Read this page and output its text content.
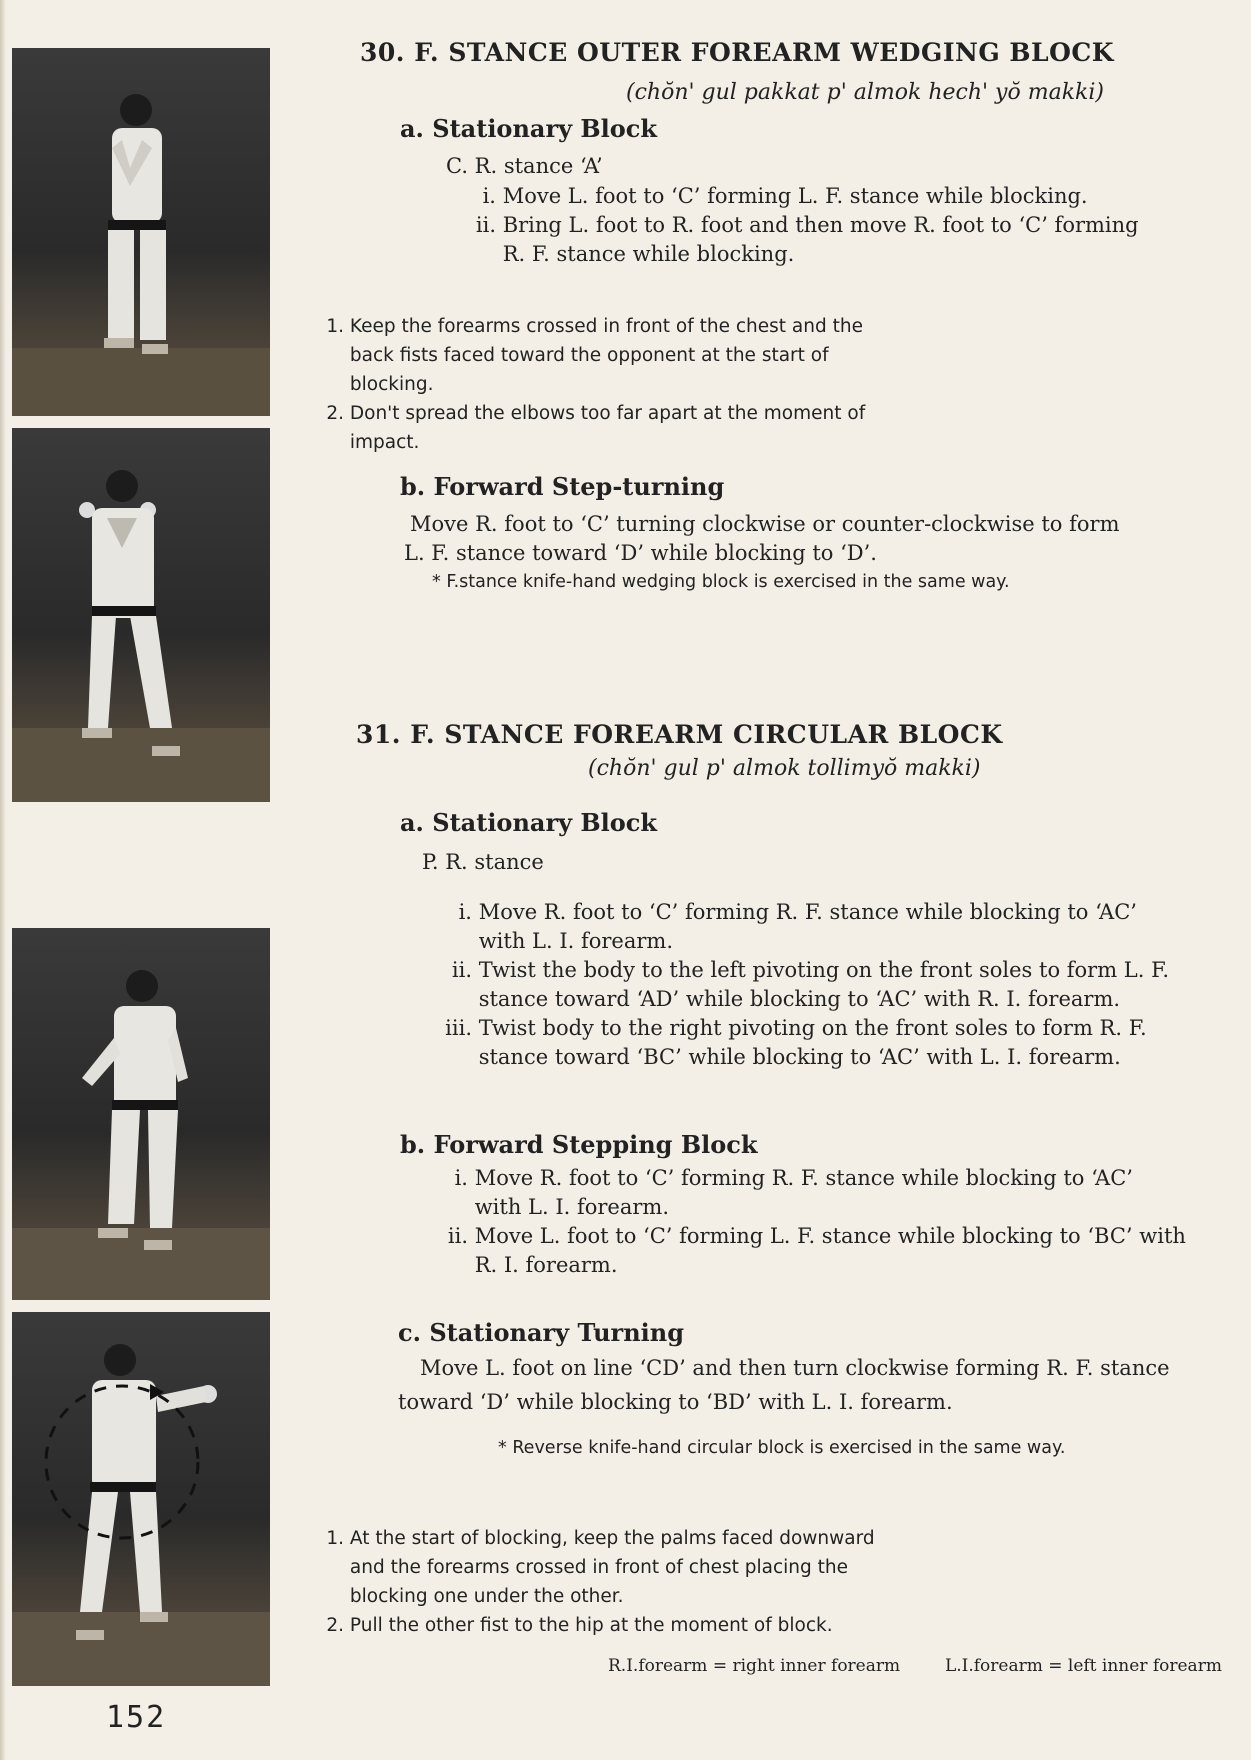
30. F. STANCE OUTER FOREARM WEDGING BLOCK
(chŏn' gul pakkat p' almok hech' yŏ makki)
a. Stationary Block
C. R. stance ‘A’
i. Move L. foot to ‘C’ forming L. F. stance while blocking.
ii. Bring L. foot to R. foot and then move R. foot to ‘C’ forming
R. F. stance while blocking.
1. Keep the forearms crossed in front of the chest and the
back fists faced toward the opponent at the start of
blocking.
2. Don't spread the elbows too far apart at the moment of
impact.
b. Forward Step-turning
Move R. foot to ‘C’ turning clockwise or counter-clockwise to form
L. F. stance toward ‘D’ while blocking to ‘D’.
* F.stance knife-hand wedging block is exercised in the same way.
31. F. STANCE FOREARM CIRCULAR BLOCK
(chŏn' gul p' almok tollimyŏ makki)
a. Stationary Block
P. R. stance
i. Move R. foot to ‘C’ forming R. F. stance while blocking to ‘AC’
with L. I. forearm.
ii. Twist the body to the left pivoting on the front soles to form L. F.
stance toward ‘AD’ while blocking to ‘AC’ with R. I. forearm.
iii. Twist body to the right pivoting on the front soles to form R. F.
stance toward ‘BC’ while blocking to ‘AC’ with L. I. forearm.
b. Forward Stepping Block
i. Move R. foot to ‘C’ forming R. F. stance while blocking to ‘AC’
with L. I. forearm.
ii. Move L. foot to ‘C’ forming L. F. stance while blocking to ‘BC’ with
R. I. forearm.
c. Stationary Turning
Move L. foot on line ‘CD’ and then turn clockwise forming R. F. stance
toward ‘D’ while blocking to ‘BD’ with L. I. forearm.
* Reverse knife-hand circular block is exercised in the same way.
1. At the start of blocking, keep the palms faced downward
and the forearms crossed in front of chest placing the
blocking one under the other.
2. Pull the other fist to the hip at the moment of block.
R.I.forearm = right inner forearm	L.I.forearm = left inner forearm
152
